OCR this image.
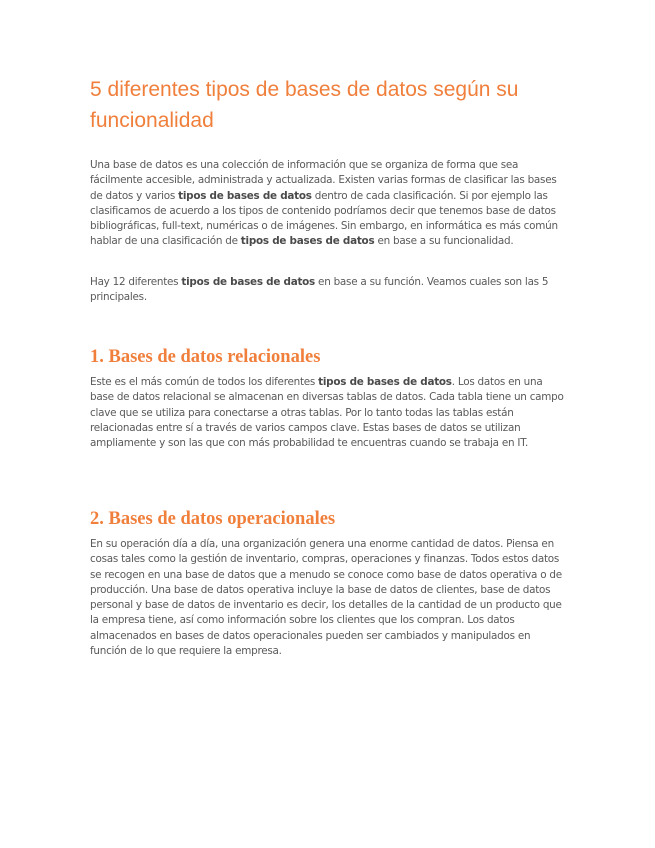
5 diferentes tipos de bases de datos según su funcionalidad

Una base de datos es una colección de información que se organiza de forma que sea fácilmente accesible, administrada y actualizada. Existen varias formas de clasificar las bases de datos y varios tipos de bases de datos dentro de cada clasificación. Si por ejemplo las clasificamos de acuerdo a los tipos de contenido podríamos decir que tenemos base de datos bibliográficas, full-text, numéricas o de imágenes. Sin embargo, en informática es más común hablar de una clasificación de tipos de bases de datos en base a su funcionalidad.

Hay 12 diferentes tipos de bases de datos en base a su función. Veamos cuales son las 5 principales.

1. Bases de datos relacionales

Este es el más común de todos los diferentes tipos de bases de datos. Los datos en una base de datos relacional se almacenan en diversas tablas de datos. Cada tabla tiene un campo clave que se utiliza para conectarse a otras tablas. Por lo tanto todas las tablas están relacionadas entre sí a través de varios campos clave. Estas bases de datos se utilizan ampliamente y son las que con más probabilidad te encuentras cuando se trabaja en IT.

2. Bases de datos operacionales

En su operación día a día, una organización genera una enorme cantidad de datos. Piensa en cosas tales como la gestión de inventario, compras, operaciones y finanzas. Todos estos datos se recogen en una base de datos que a menudo se conoce como base de datos operativa o de producción. Una base de datos operativa incluye la base de datos de clientes, base de datos personal y base de datos de inventario es decir, los detalles de la cantidad de un producto que la empresa tiene, así como información sobre los clientes que los compran. Los datos almacenados en bases de datos operacionales pueden ser cambiados y manipulados en función de lo que requiere la empresa.
